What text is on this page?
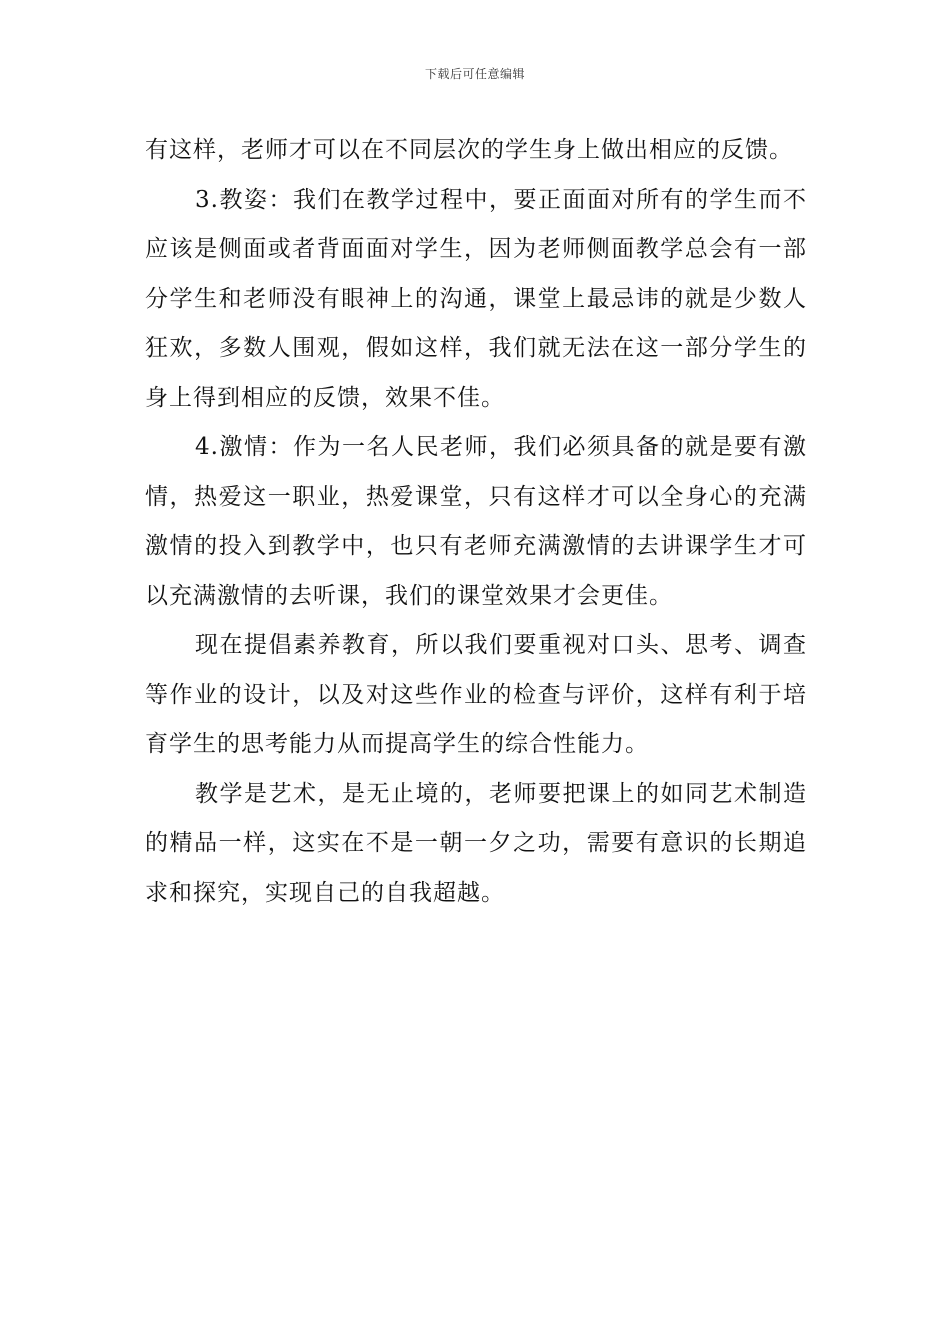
下载后可任意编辑

有这样，老师才可以在不同层次的学生身上做出相应的反馈。

3.教姿：我们在教学过程中，要正面面对所有的学生而不应该是侧面或者背面面对学生，因为老师侧面教学总会有一部分学生和老师没有眼神上的沟通，课堂上最忌讳的就是少数人狂欢，多数人围观，假如这样，我们就无法在这一部分学生的身上得到相应的反馈，效果不佳。

4.激情：作为一名人民老师，我们必须具备的就是要有激情，热爱这一职业，热爱课堂，只有这样才可以全身心的充满激情的投入到教学中，也只有老师充满激情的去讲课学生才可以充满激情的去听课，我们的课堂效果才会更佳。

现在提倡素养教育，所以我们要重视对口头、思考、调查等作业的设计，以及对这些作业的检查与评价，这样有利于培育学生的思考能力从而提高学生的综合性能力。

教学是艺术，是无止境的，老师要把课上的如同艺术制造的精品一样，这实在不是一朝一夕之功，需要有意识的长期追求和探究，实现自己的自我超越。
